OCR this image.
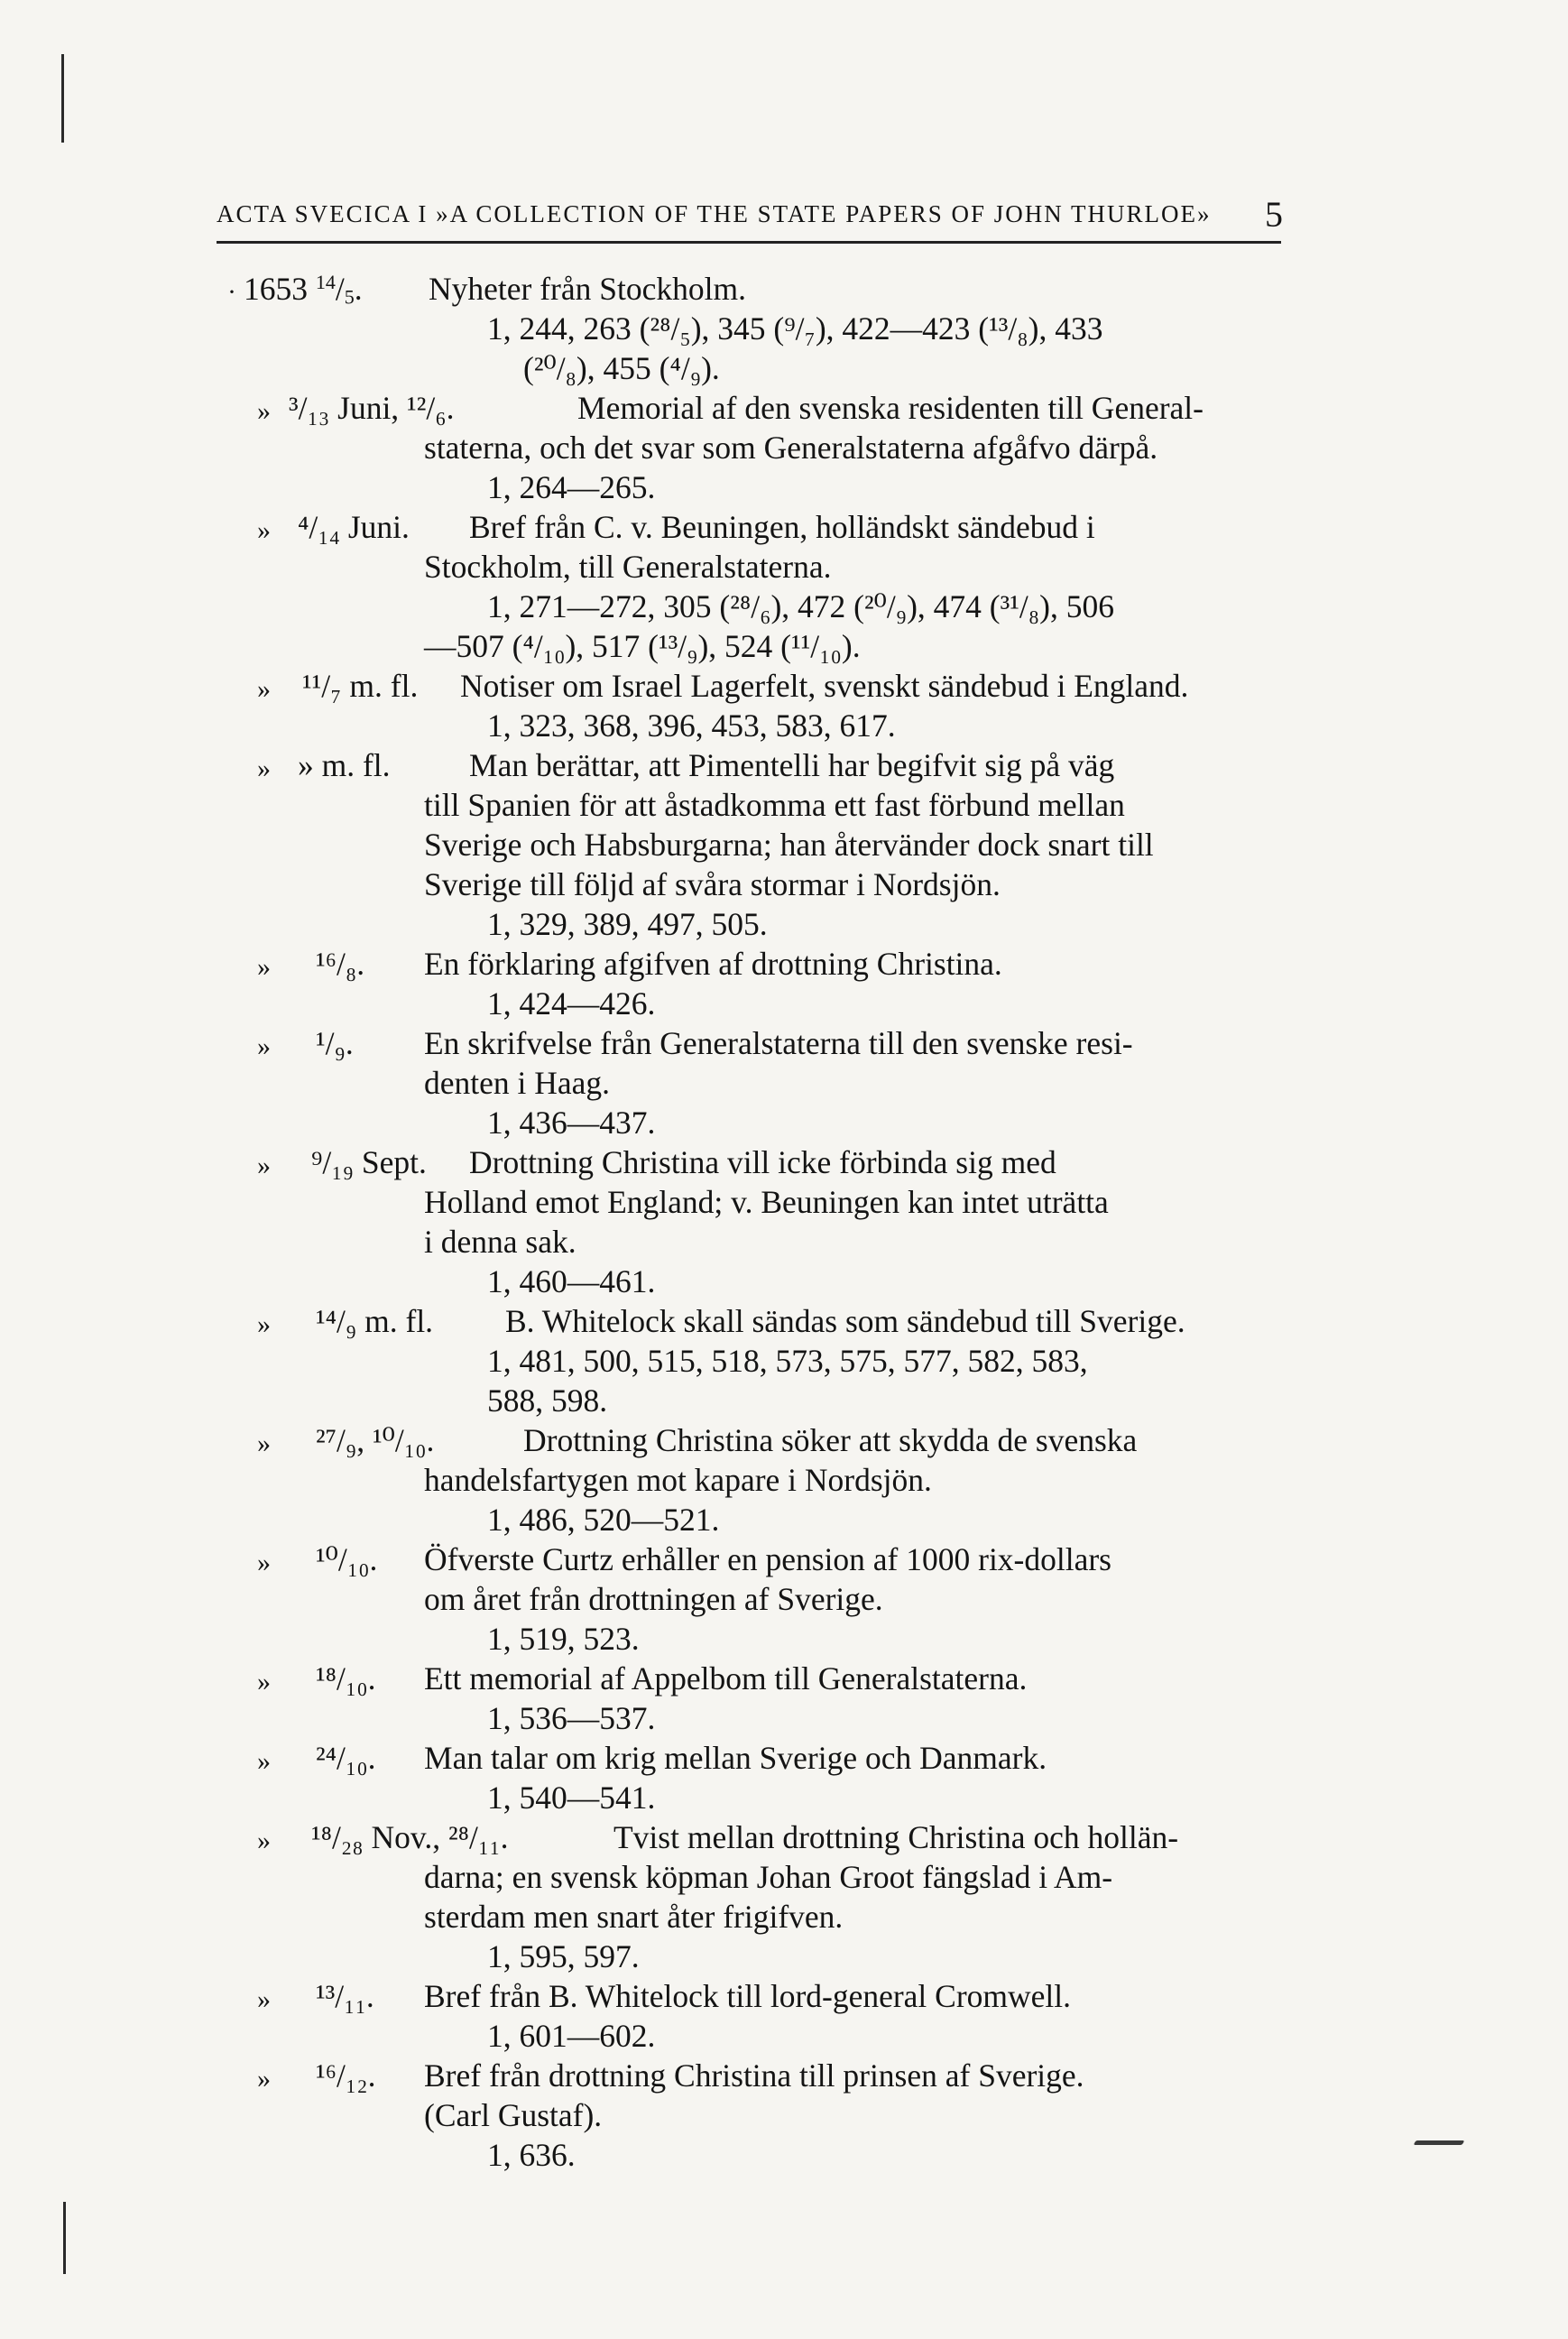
ACTA SVECICA I »A COLLECTION OF THE STATE PAPERS OF JOHN THURLOE» 5
· 1653 $^{14}/_5$. Nyheter från Stockholm.
1, 244, 263 (²⁸/₅), 345 (⁹/₇), 422—423 (¹³/₈), 433
(²⁰/₈), 455 (⁴/₉).
» ³/₁₃ Juni, ¹²/₆.	Memorial af den svenska residenten till General-
staterna, och det svar som Generalstaterna afgåfvo därpå.
1, 264—265.
» ⁴/₁₄ Juni. Bref från C. v. Beuningen, holländskt sändebud i
Stockholm, till Generalstaterna.
1, 271—272, 305 (²⁸/₆), 472 (²⁰/₉), 474 (³¹/₈), 506
—507 (⁴/₁₀), 517 (¹³/₉), 524 (¹¹/₁₀).
» ¹¹/₇ m. fl. Notiser om Israel Lagerfelt, svenskt sändebud i England.
1, 323, 368, 396, 453, 583, 617.
» » m. fl. Man berättar, att Pimentelli har begifvit sig på väg
till Spanien för att åstadkomma ett fast förbund mellan
Sverige och Habsburgarna; han återvänder dock snart till
Sverige till följd af svåra stormar i Nordsjön.
1, 329, 389, 497, 505.
» ¹⁶/₈. En förklaring afgifven af drottning Christina.
1, 424—426.
» ¹/₉. En skrifvelse från Generalstaterna till den svenske resi-
denten i Haag.
1, 436—437.
» ⁹/₁₉ Sept. Drottning Christina vill icke förbinda sig med
Holland emot England; v. Beuningen kan intet uträtta
i denna sak.
1, 460—461.
» ¹⁴/₉ m. fl. B. Whitelock skall sändas som sändebud till Sverige.
1, 481, 500, 515, 518, 573, 575, 577, 582, 583,
588, 598.
» ²⁷/₉, ¹⁰/₁₀.	Drottning Christina söker att skydda de svenska
handelsfartygen mot kapare i Nordsjön.
1, 486, 520—521.
» ¹⁰/₁₀. Öfverste Curtz erhåller en pension af 1000 rix-dollars
om året från drottningen af Sverige.
1, 519, 523.
» ¹⁸/₁₀. Ett memorial af Appelbom till Generalstaterna.
1, 536—537.
» ²⁴/₁₀. Man talar om krig mellan Sverige och Danmark.
1, 540—541.
» ¹⁸/₂₈ Nov., ²⁸/₁₁.	Tvist mellan drottning Christina och hollän-
darna; en svensk köpman Johan Groot fängslad i Am-
sterdam men snart åter frigifven.
1, 595, 597.
» ¹³/₁₁. Bref från B. Whitelock till lord-general Cromwell.
1, 601—602.
» ¹⁶/₁₂. Bref från drottning Christina till prinsen af Sverige.
(Carl Gustaf).
1, 636.
